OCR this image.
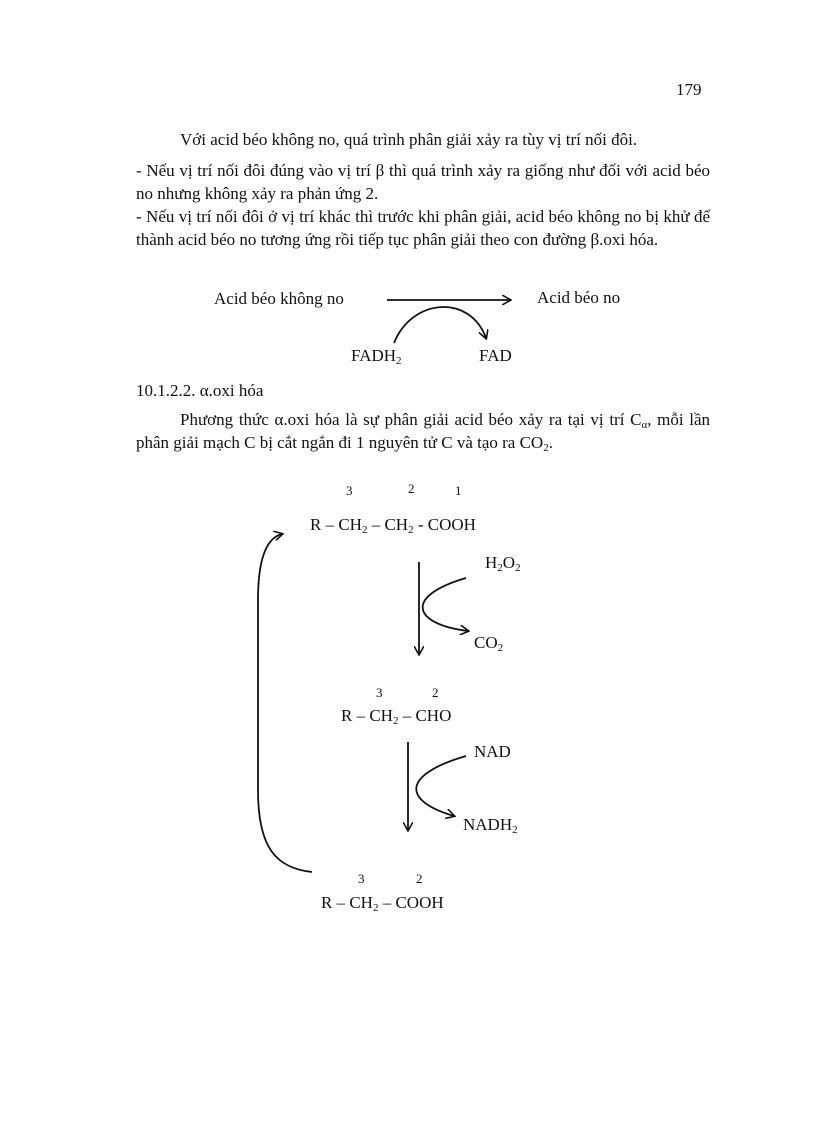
179

Với acid béo không no, quá trình phân giải xảy ra tùy vị trí nối đôi.

- Nếu vị trí nối đôi đúng vào vị trí β thì quá trình xảy ra giống như đối với acid béo no nhưng không xảy ra phản ứng 2.

- Nếu vị trí nối đôi ở vị trí khác thì trước khi phân giải, acid béo không no bị khử để thành acid béo no tương ứng rồi tiếp tục phân giải theo con đường β.oxi hóa.

Acid béo không no	Acid béo no
$FADH_2$	FAD
10.1.2.2. α.oxi hóa

Phương thức α.oxi hóa là sự phân giải acid béo xảy ra tại vị trí $C_\alpha$, mỗi lần phân giải mạch C bị cắt ngắn đi 1 nguyên tử C và tạo ra $CO_2$.

3	2	1
R – $CH_2 - CH_2$ - COOH
$H_2O_2$
$CO_2$
3	2
R – $CH_2$ – CHO
NAD
$NADH_2$
3	2
R – $CH_2$ – COOH
